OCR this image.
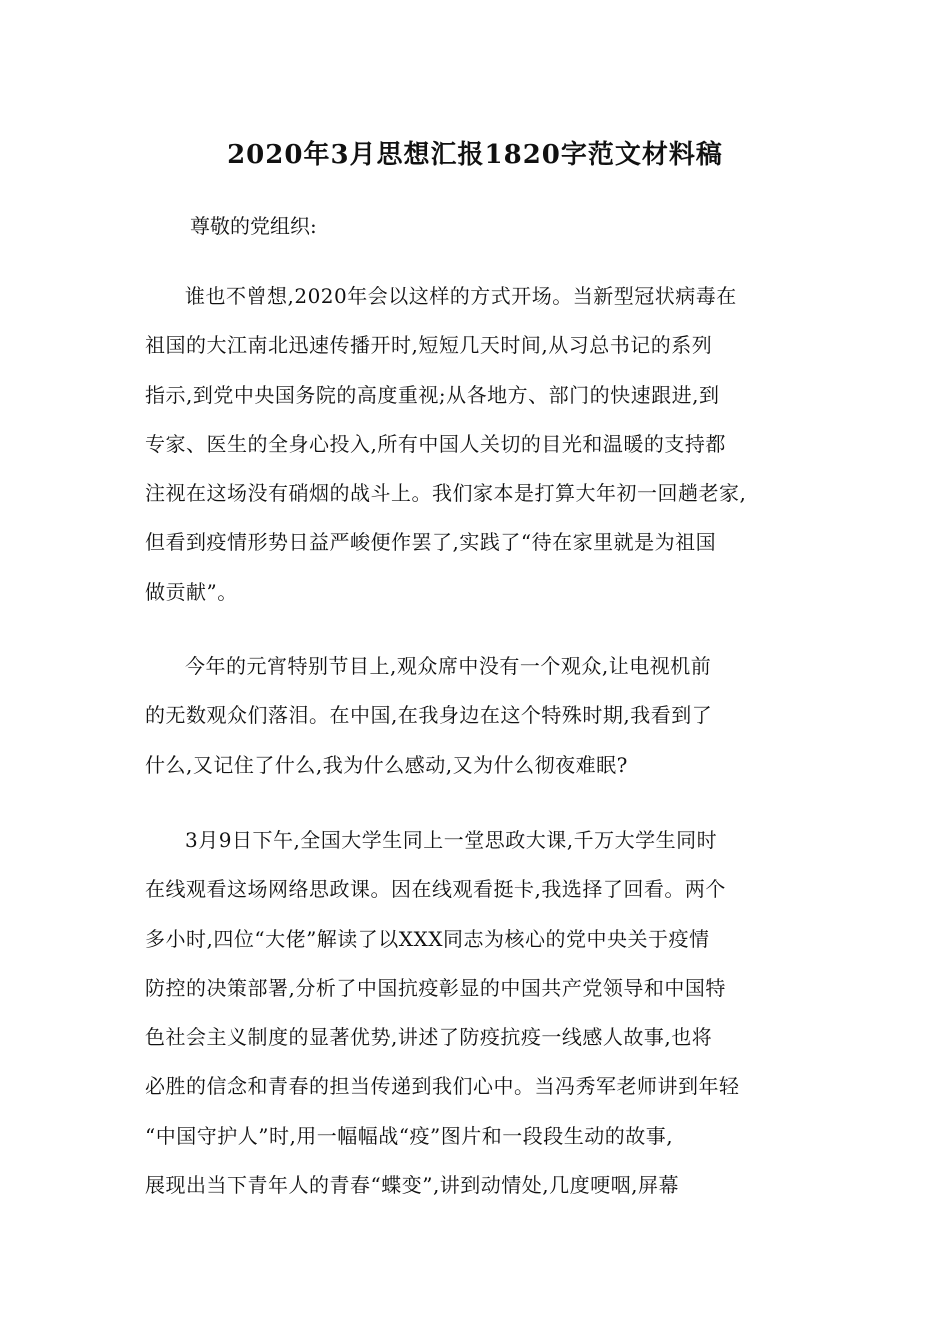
2020年3月思想汇报1820字范文材料稿
尊敬的党组织:
谁也不曾想,2020年会以这样的方式开场。当新型冠状病毒在
祖国的大江南北迅速传播开时,短短几天时间,从习总书记的系列
指示,到党中央国务院的高度重视;从各地方、部门的快速跟进,到
专家、医生的全身心投入,所有中国人关切的目光和温暖的支持都
注视在这场没有硝烟的战斗上。我们家本是打算大年初一回趟老家,
但看到疫情形势日益严峻便作罢了,实践了“待在家里就是为祖国
做贡献”。
今年的元宵特别节目上,观众席中没有一个观众,让电视机前
的无数观众们落泪。在中国,在我身边在这个特殊时期,我看到了
什么,又记住了什么,我为什么感动,又为什么彻夜难眠?
3月9日下午,全国大学生同上一堂思政大课,千万大学生同时
在线观看这场网络思政课。因在线观看挺卡,我选择了回看。两个
多小时,四位“大佬”解读了以XXX同志为核心的党中央关于疫情
防控的决策部署,分析了中国抗疫彰显的中国共产党领导和中国特
色社会主义制度的显著优势,讲述了防疫抗疫一线感人故事,也将
必胜的信念和青春的担当传递到我们心中。当冯秀军老师讲到年轻
“中国守护人”时,用一幅幅战“疫”图片和一段段生动的故事,
展现出当下青年人的青春“蝶变”,讲到动情处,几度哽咽,屏幕
